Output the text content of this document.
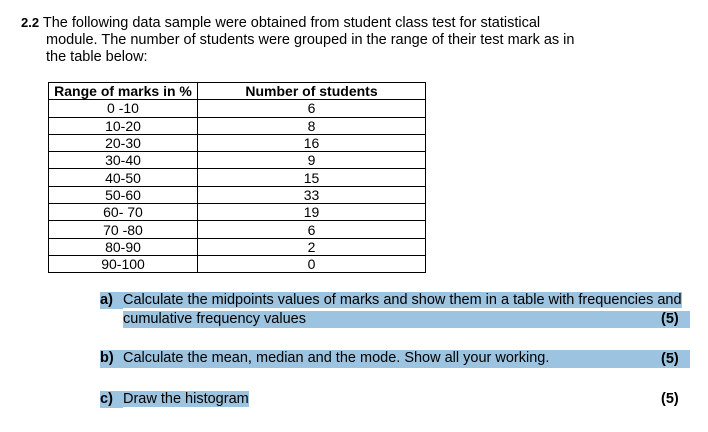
2.2 The following data sample were obtained from student class test for statistical
module. The number of students were grouped in the range of their test mark as in
the table below:
Range of marks in %	Number of students
0 -10	6
10-20	8
20-30	16
30-40	9
40-50	15
50-60	33
60- 70	19
70 -80	6
80-90	2
90-100	0
a) Calculate the midpoints values of marks and show them in a table with frequencies and
cumulative frequency values	(5)
b) Calculate the mean, median and the mode. Show all your working.	(5)
c) Draw the histogram	(5)
